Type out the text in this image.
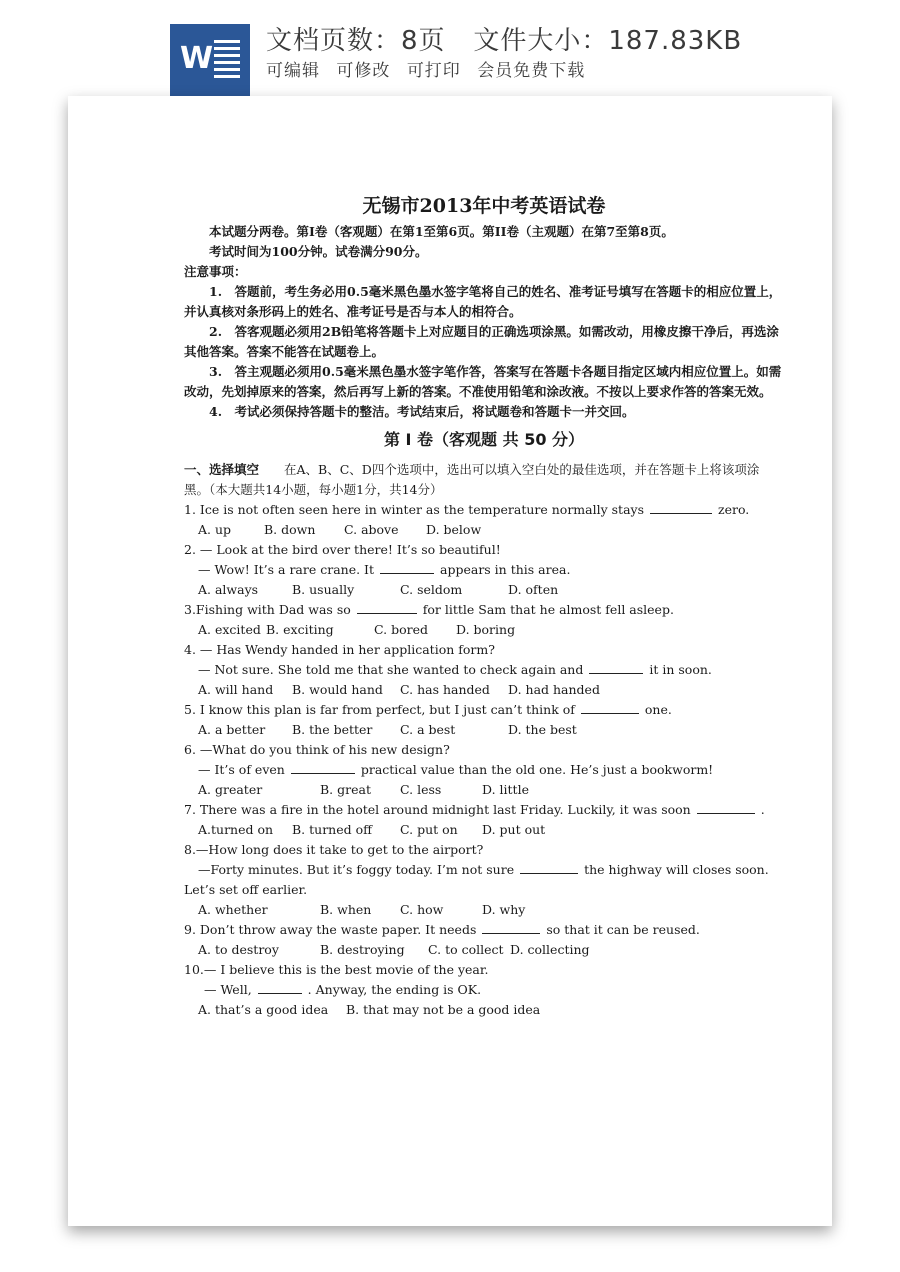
W 文档页数：8页   文件大小：187.83KB
可编辑 可修改 可打印 会员免费下载
无锡市2013年中考英语试卷

本试题分两卷。第I卷（客观题）在第1至第6页。第II卷（主观题）在第7至第8页。

考试时间为100分钟。试卷满分90分。

注意事项：

1.　答题前，考生务必用0.5毫米黑色墨水签字笔将自己的姓名、准考证号填写在答题卡的相应位置上，并认真核对条形码上的姓名、准考证号是否与本人的相符合。

2.　答客观题必须用2B铅笔将答题卡上对应题目的正确选项涂黑。如需改动，用橡皮擦干净后，再选涂其他答案。答案不能答在试题卷上。

3.　答主观题必须用0.5毫米黑色墨水签字笔作答，答案写在答题卡各题目指定区域内相应位置上。如需改动，先划掉原来的答案，然后再写上新的答案。不准使用铅笔和涂改液。不按以上要求作答的答案无效。

4.　考试必须保持答题卡的整洁。考试结束后，将试题卷和答题卡一并交回。

第 I 卷（客观题 共 50 分）

一、选择填空　　 在A、B、C、D四个选项中，选出可以填入空白处的最佳选项，并在答题卡上将该项涂黑。（本大题共14小题，每小题1分，共14分）

1. Ice is not often seen here in winter as the temperature normally stays	zero.

A. up	B. down	C. above	D. below

2. — Look at the bird over there! It’s so beautiful!

— Wow! It’s a rare crane. It	appears in this area.

A. always	B. usually	C. seldom	D. often

3.Fishing with Dad was so	for little Sam that he almost fell asleep.

A. excited B. exciting	C. bored	D. boring

4. — Has Wendy handed in her application form?

— Not sure. She told me that she wanted to check again and	it in soon.

A. will hand	B. would hand	C. has handed	D. had handed

5. I know this plan is far from perfect, but I just can’t think of	one.

A. a better	B. the better	C. a best	D. the best

6. —What do you think of his new design?

— It’s of even	practical value than the old one. He’s just a bookworm!

A. greater	B. great	C. less	D. little

7. There was a fire in the hotel around midnight last Friday. Luckily, it was soon	.

A.turned on	B. turned off	C. put on	D. put out

8.—How long does it take to get to the airport?

—Forty minutes. But it’s foggy today. I’m not sure	the highway will closes soon.

Let’s set off earlier.

A. whether	B. when	C. how	D. why

9. Don’t throw away the waste paper. It needs	so that it can be reused.

A. to destroy	B. destroying	C. to collect D. collecting

10.— I believe this is the best movie of the year.

— Well,	. Anyway, the ending is OK.

A. that’s a good idea	B. that may not be a good idea
